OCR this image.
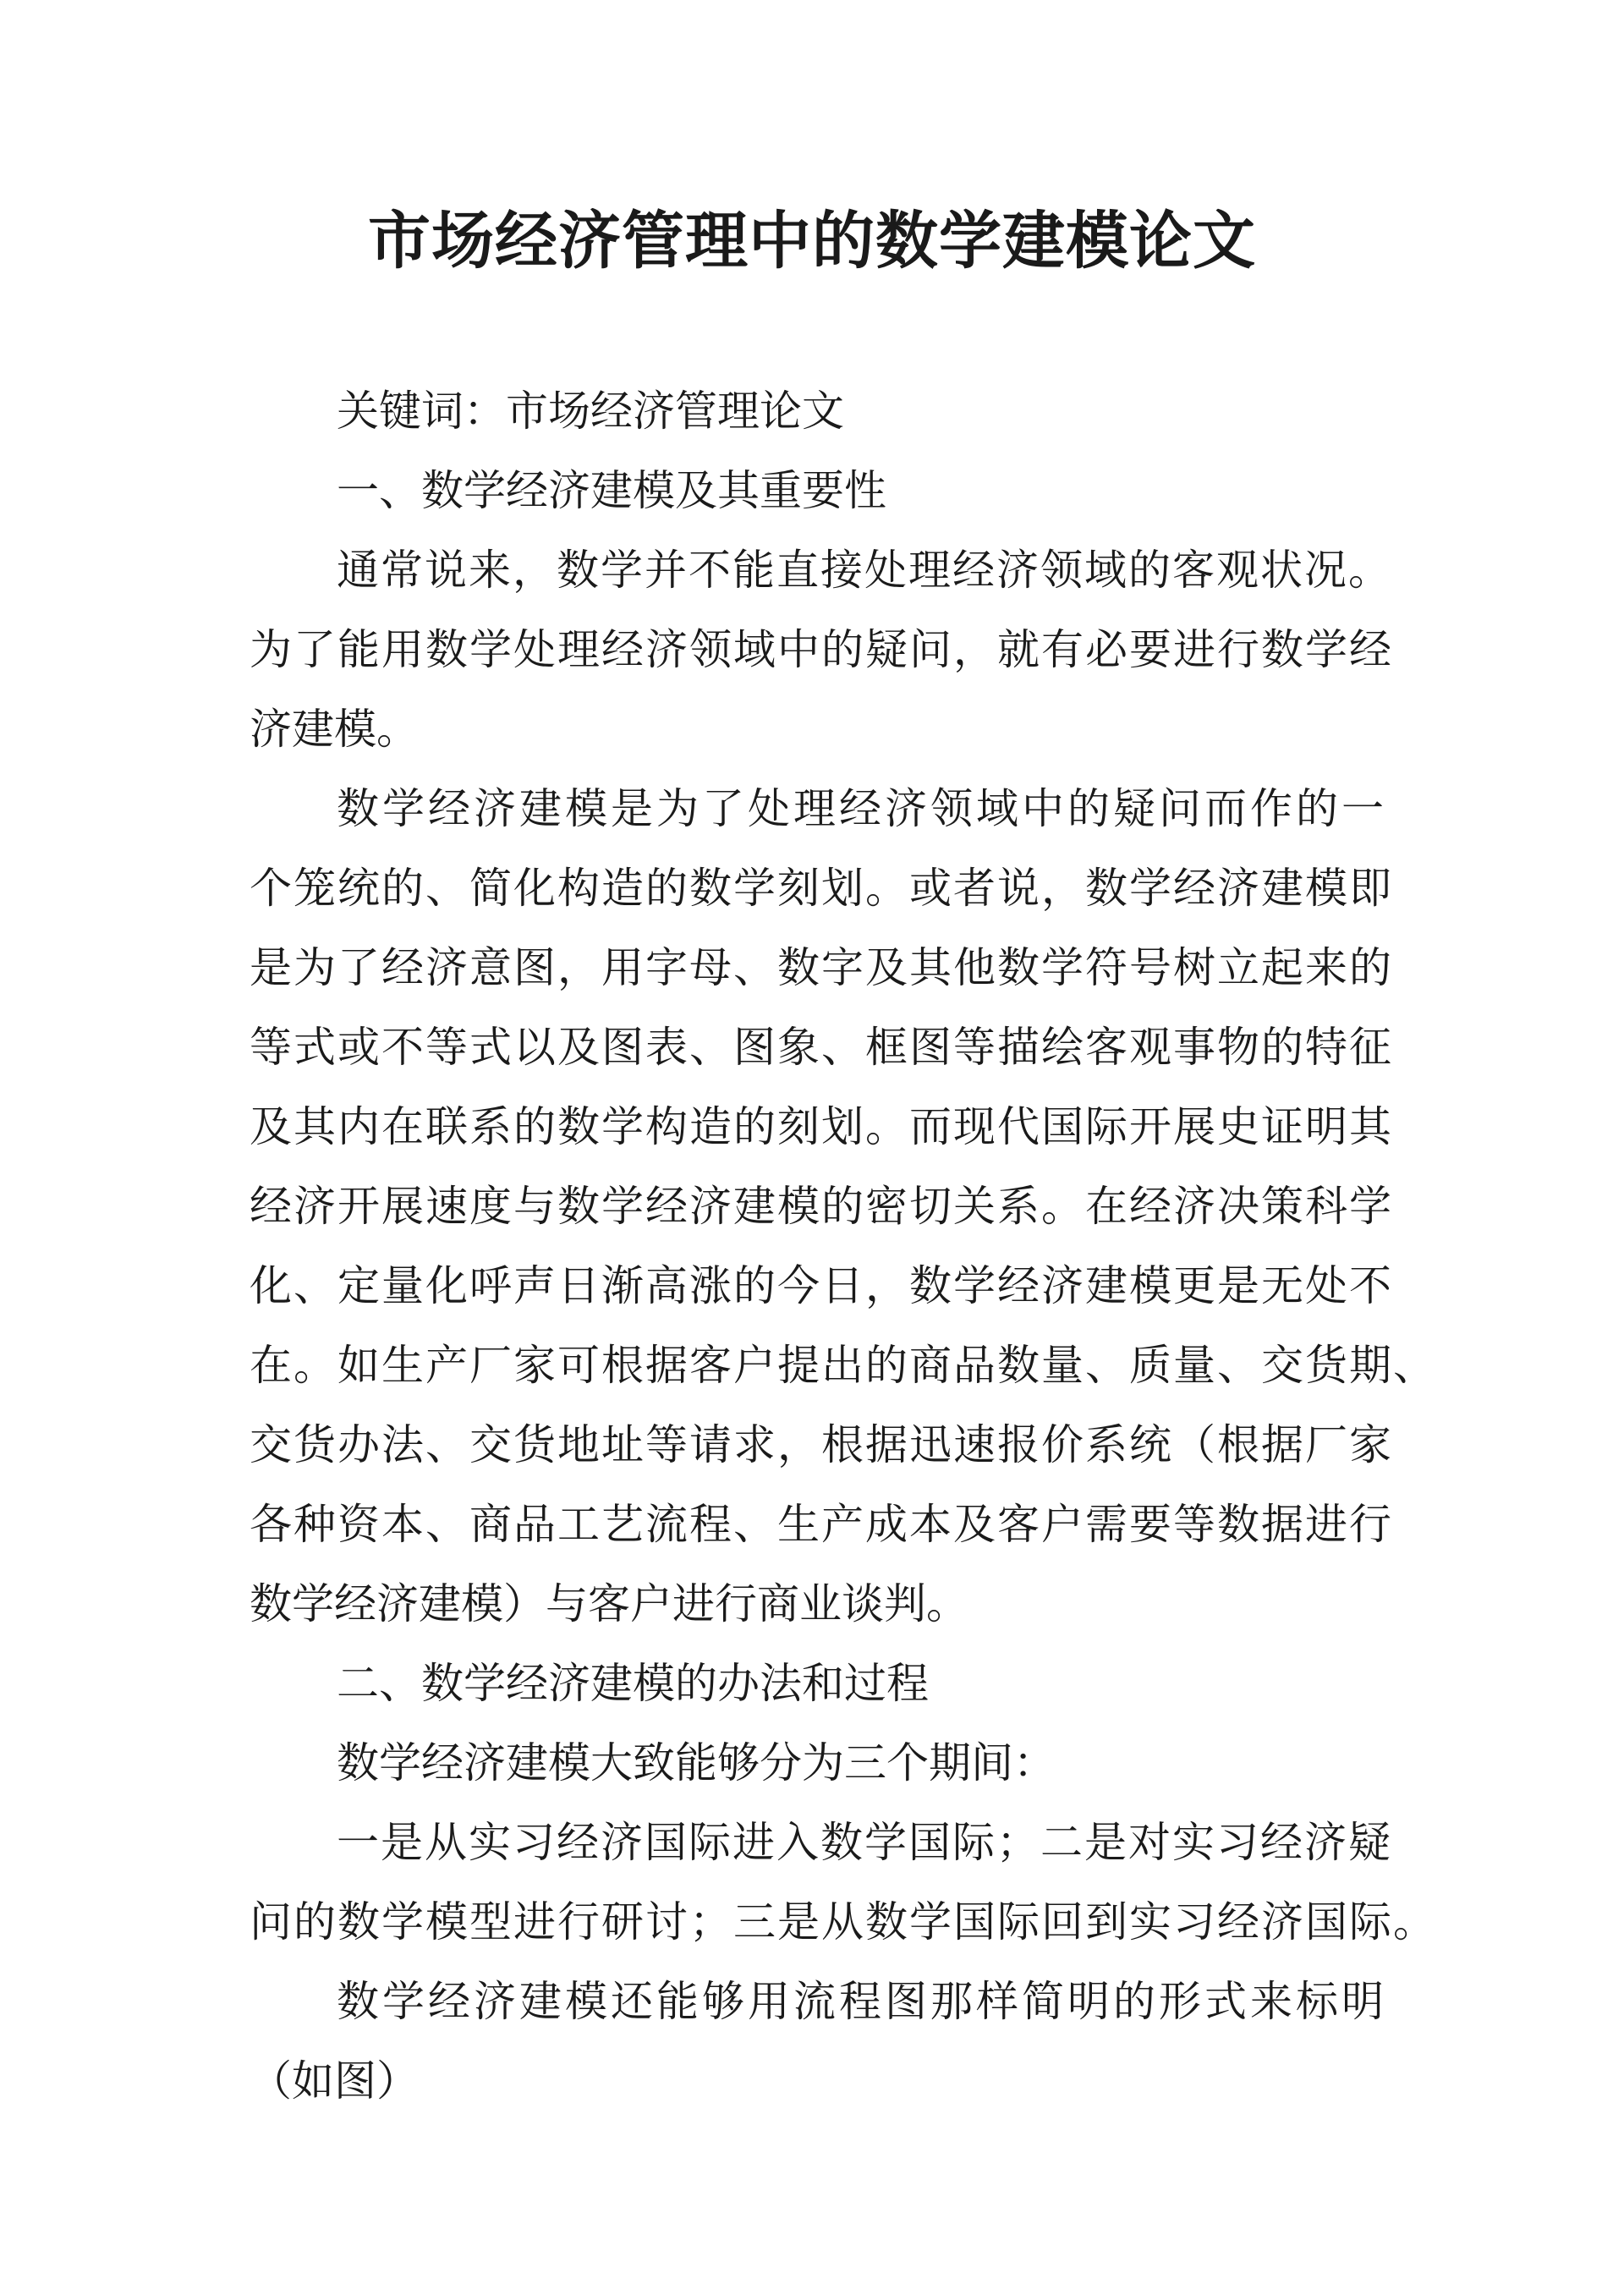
市场经济管理中的数学建模论文
关键词：市场经济管理论文
一、数学经济建模及其重要性
通常说来，数学并不能直接处理经济领域的客观状况。
为了能用数学处理经济领域中的疑问，就有必要进行数学经
济建模。
数学经济建模是为了处理经济领域中的疑问而作的一
个笼统的、简化构造的数学刻划。或者说，数学经济建模即
是为了经济意图，用字母、数字及其他数学符号树立起来的
等式或不等式以及图表、图象、框图等描绘客观事物的特征
及其内在联系的数学构造的刻划。而现代国际开展史证明其
经济开展速度与数学经济建模的密切关系。在经济决策科学
化、定量化呼声日渐高涨的今日，数学经济建模更是无处不
在。如生产厂家可根据客户提出的商品数量、质量、交货期、
交货办法、交货地址等请求，根据迅速报价系统（根据厂家
各种资本、商品工艺流程、生产成本及客户需要等数据进行
数学经济建模）与客户进行商业谈判。
二、数学经济建模的办法和过程
数学经济建模大致能够分为三个期间：
一是从实习经济国际进入数学国际；二是对实习经济疑
问的数学模型进行研讨；三是从数学国际回到实习经济国际。
数学经济建模还能够用流程图那样简明的形式来标明
（如图）
